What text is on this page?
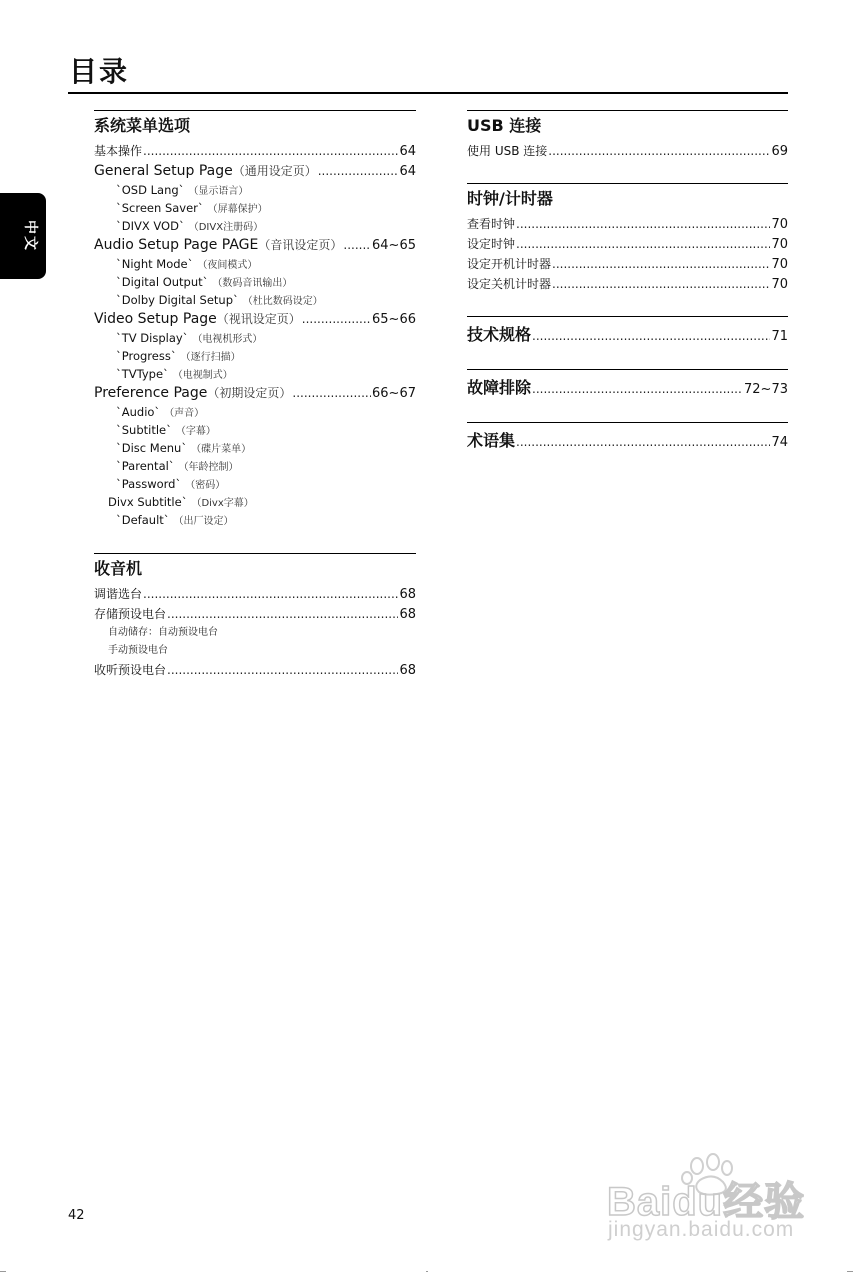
目录
中文
系统菜单选项
基本操作 .....	64
General Setup Page（通用设定页） .....	64
`OSD Lang` （显示语言）
`Screen Saver` （屏幕保护）
`DIVX VOD` （DIVX注册码）
Audio Setup Page PAGE（音讯设定页） ..... 64~65
`Night Mode` （夜间模式）
`Digital Output` （数码音讯输出）
`Dolby Digital Setup` （杜比数码设定）
Video Setup Page（视讯设定页） .....	65~66
`TV Display` （电视机形式）
`Progress` （逐行扫描）
`TVType` （电视制式）
Preference Page（初期设定页） .....	66~67
`Audio` （声音）
`Subtitle` （字幕）
`Disc Menu` （碟片菜单）
`Parental` （年龄控制）
`Password` （密码）
Divx Subtitle` （Divx字幕）
`Default` （出厂设定）
收音机
调谐选台 .....	68
存储预设电台 .....	68
自动储存：自动预设电台
手动预设电台
收听预设电台 .....	68
USB 连接
使用 USB 连接 .....	69
时钟/计时器
查看时钟 .....	70
设定时钟 .....	70
设定开机计时器 .....	70
设定关机计时器 .....	70
技术规格 .....	71
故障排除 .....	72~73
术语集 .....	74
42	Baidu经验
jingyan.baidu.com
